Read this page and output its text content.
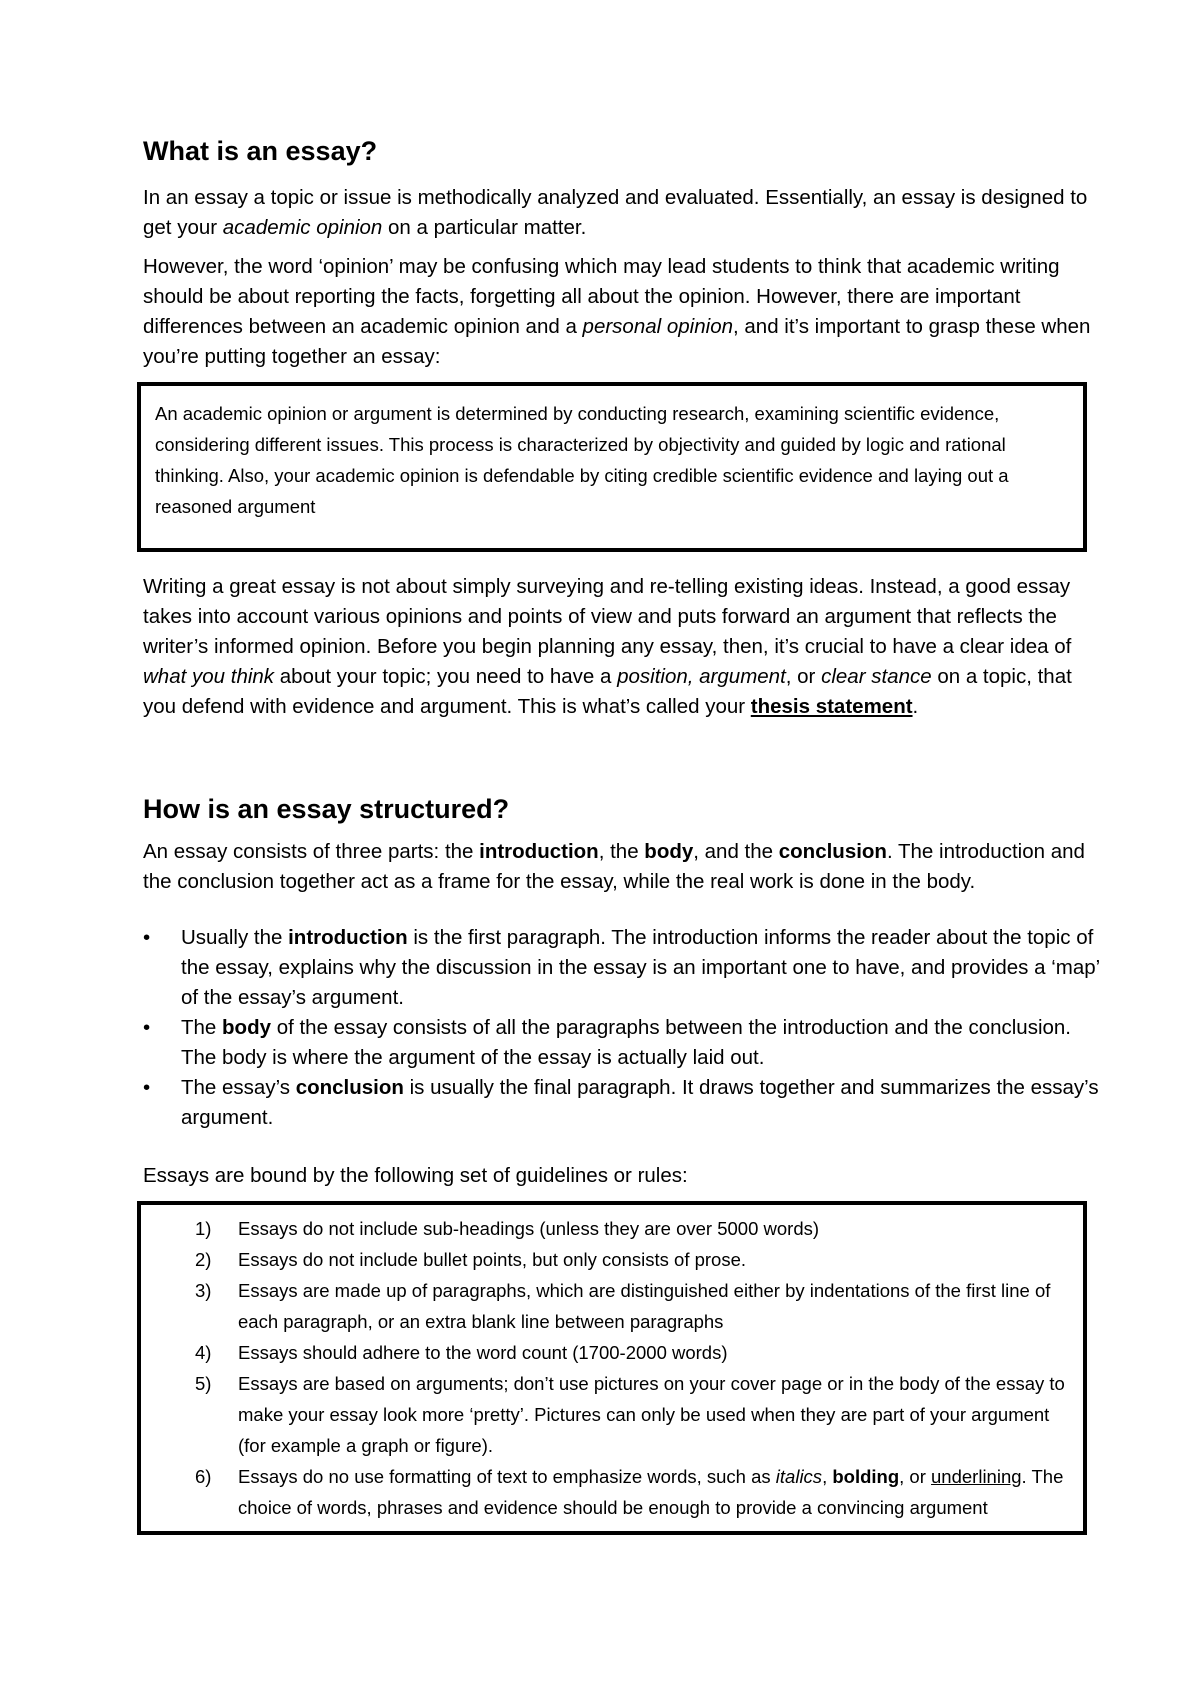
What is an essay?

In an essay a topic or issue is methodically analyzed and evaluated. Essentially, an essay is designed to get your academic opinion on a particular matter.

However, the word ‘opinion’ may be confusing which may lead students to think that academic writing should be about reporting the facts, forgetting all about the opinion. However, there are important differences between an academic opinion and a personal opinion, and it’s important to grasp these when you’re putting together an essay:

An academic opinion or argument is determined by conducting research, examining scientific evidence, considering different issues. This process is characterized by objectivity and guided by logic and rational thinking. Also, your academic opinion is defendable by citing credible scientific evidence and laying out a reasoned argument

Writing a great essay is not about simply surveying and re-telling existing ideas. Instead, a good essay takes into account various opinions and points of view and puts forward an argument that reflects the writer’s informed opinion. Before you begin planning any essay, then, it’s crucial to have a clear idea of what you think about your topic; you need to have a position, argument, or clear stance on a topic, that you defend with evidence and argument. This is what’s called your thesis statement.

How is an essay structured?

An essay consists of three parts: the introduction, the body, and the conclusion. The introduction and the conclusion together act as a frame for the essay, while the real work is done in the body.

• Usually the introduction is the first paragraph. The introduction informs the reader about the topic of the essay, explains why the discussion in the essay is an important one to have, and provides a ‘map’ of the essay’s argument.
• The body of the essay consists of all the paragraphs between the introduction and the conclusion. The body is where the argument of the essay is actually laid out.
• The essay’s conclusion is usually the final paragraph. It draws together and summarizes the essay’s argument.

Essays are bound by the following set of guidelines or rules:

1) Essays do not include sub-headings (unless they are over 5000 words)
2) Essays do not include bullet points, but only consists of prose.
3) Essays are made up of paragraphs, which are distinguished either by indentations of the first line of each paragraph, or an extra blank line between paragraphs
4) Essays should adhere to the word count (1700-2000 words)
5) Essays are based on arguments; don’t use pictures on your cover page or in the body of the essay to make your essay look more ‘pretty’. Pictures can only be used when they are part of your argument (for example a graph or figure).
6) Essays do no use formatting of text to emphasize words, such as italics, bolding, or underlining. The choice of words, phrases and evidence should be enough to provide a convincing argument
